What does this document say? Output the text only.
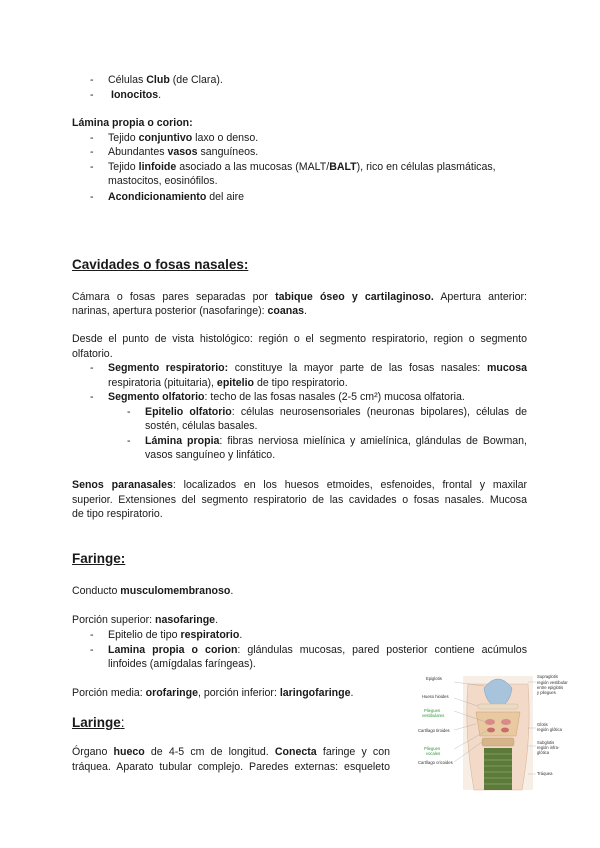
- Células Club (de Clara).
- Ionocitos.
Lámina propia o corion:
- Tejido conjuntivo laxo o denso.
- Abundantes vasos sanguíneos.
- Tejido linfoide asociado a las mucosas (MALT/BALT), rico en células plasmáticas,
mastocitos, eosinófilos.
- Acondicionamiento del aire
Cavidades o fosas nasales:
Cámara o fosas pares separadas por tabique óseo y cartilaginoso. Apertura anterior:
narinas, apertura posterior (nasofaringe): coanas.
Desde el punto de vista histológico: región o el segmento respiratorio, region o segmento
olfatorio.
- Segmento respiratorio: constituye la mayor parte de las fosas nasales: mucosa
respiratoria (pituitaria), epitelio de tipo respiratorio.
- Segmento olfatorio: techo de las fosas nasales (2-5 cm²) mucosa olfatoria.
- Epitelio olfatorio: células neurosensoriales (neuronas bipolares), células de
sostén, células basales.
- Lámina propia: fibras nerviosa mielínica y amielínica, glándulas de Bowman,
vasos sanguíneo y linfático.
Senos paranasales: localizados en los huesos etmoides, esfenoides, frontal y maxilar
superior. Extensiones del segmento respiratorio de las cavidades o fosas nasales. Mucosa
de tipo respiratorio.
Faringe:
Conducto musculomembranoso.
Porción superior: nasofaringe.
- Epitelio de tipo respiratorio.
- Lamina propia o corion: glándulas mucosas, pared posterior contiene acúmulos
linfoides (amígdalas faríngeas).
Porción media: orofaringe, porción inferior: laringofaringe.
Laringe:
Órgano hueco de 4-5 cm de longitud. Conecta faringe y con
tráquea. Aparato tubular complejo. Paredes externas: esqueleto
Epiglotis
Hueso hioides
Pliegues
vestibulares
Cartílago tiroides
Pliegues
vocales
Cartílago cricoides
Supraglotis
región vestibular
entre epiglotis
y pliegues
Glotis
región glótica
Subglotis
región infra-
glótica
Tráquea
